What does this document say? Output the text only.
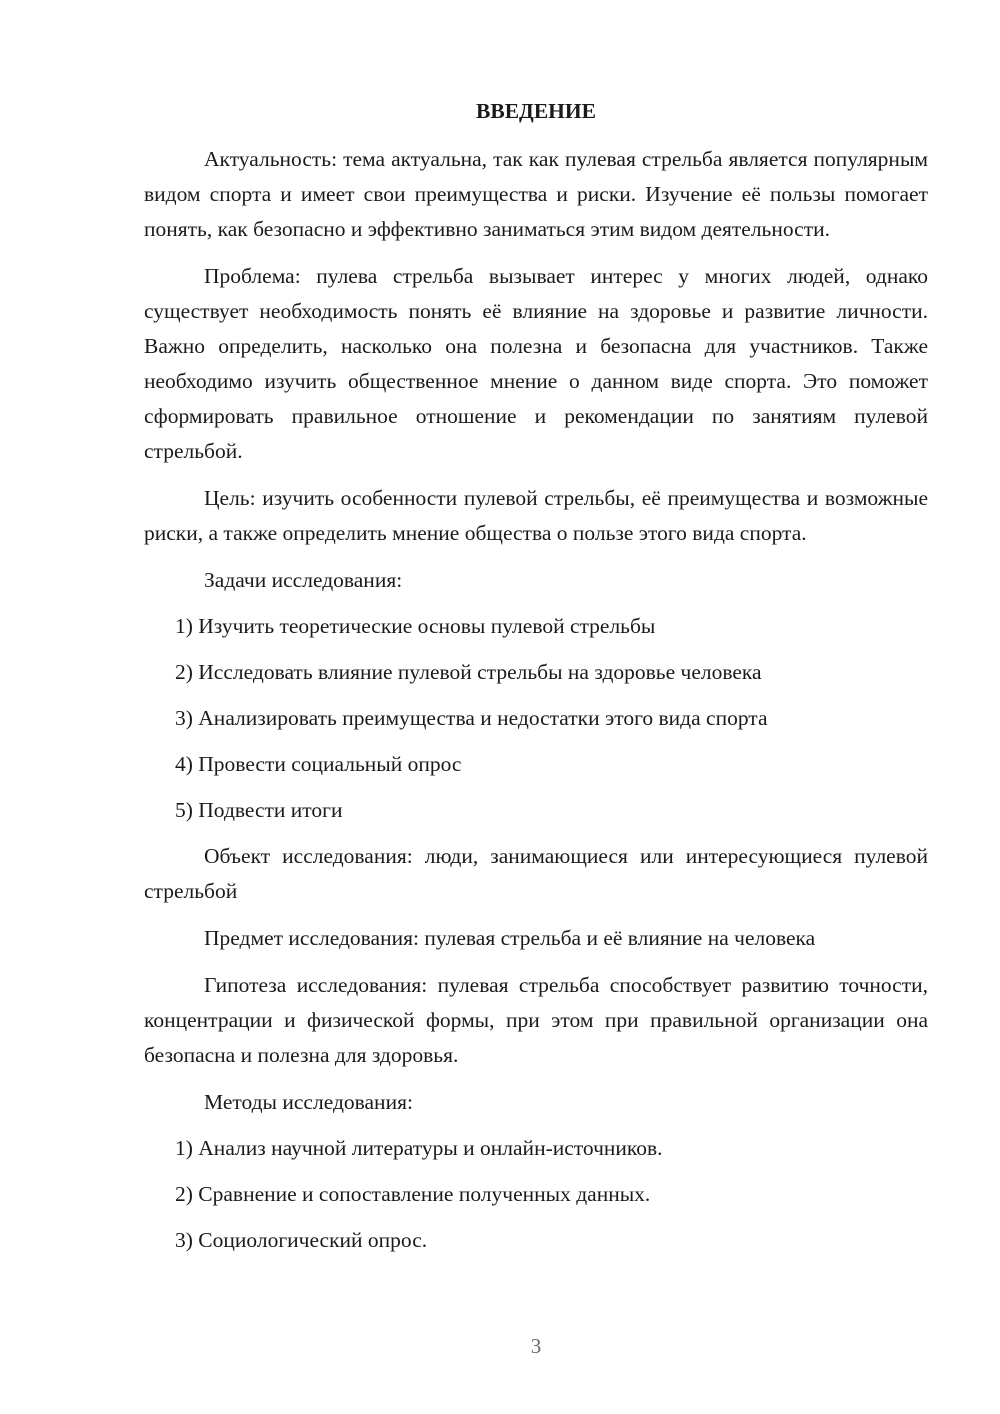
ВВЕДЕНИЕ
Актуальность: тема актуальна, так как пулевая стрельба является популярным видом спорта и имеет свои преимущества и риски. Изучение её пользы помогает понять, как безопасно и эффективно заниматься этим видом деятельности.
Проблема: пулева стрельба вызывает интерес у многих людей, однако существует необходимость понять её влияние на здоровье и развитие личности. Важно определить, насколько она полезна и безопасна для участников. Также необходимо изучить общественное мнение о данном виде спорта. Это поможет сформировать правильное отношение и рекомендации по занятиям пулевой стрельбой.
Цель: изучить особенности пулевой стрельбы, её преимущества и возможные риски, а также определить мнение общества о пользе этого вида спорта.
Задачи исследования:
1) Изучить теоретические основы пулевой стрельбы
2) Исследовать влияние пулевой стрельбы на здоровье человека
3) Анализировать преимущества и недостатки этого вида спорта
4) Провести социальный опрос
5) Подвести итоги
Объект исследования: люди, занимающиеся или интересующиеся пулевой стрельбой
Предмет исследования: пулевая стрельба и её влияние на человека
Гипотеза исследования: пулевая стрельба способствует развитию точности, концентрации и физической формы, при этом при правильной организации она безопасна и полезна для здоровья.
Методы исследования:
1) Анализ научной литературы и онлайн-источников.
2) Сравнение и сопоставление полученных данных.
3) Социологический опрос.
3
